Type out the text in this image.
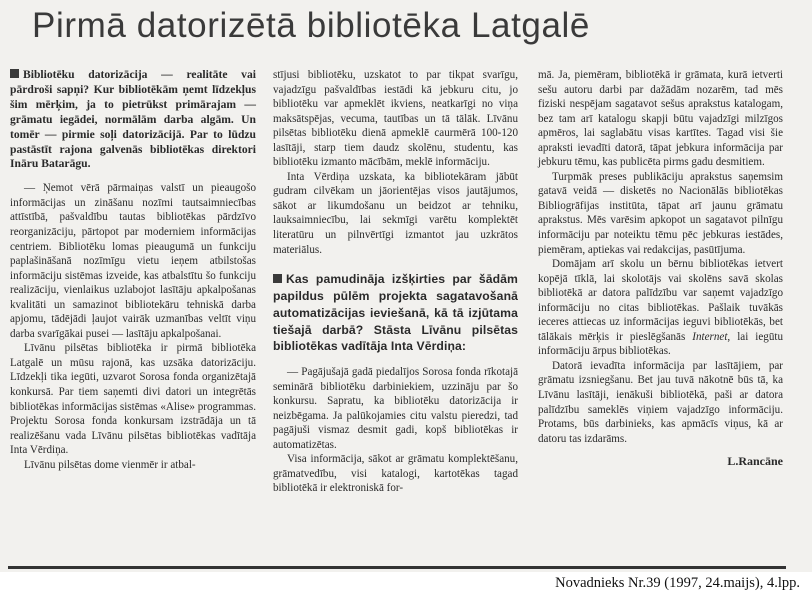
Pirmā datorizētā bibliotēka Latgalē

Bibliotēku datorizācija — realitāte vai pārdroši sapņi? Kur bibliotēkām ņemt līdzekļus šim mērķim, ja to pietrūkst primārajam — grāmatu iegādei, normālām darba algām. Un tomēr — pirmie soļi datorizācijā. Par to lūdzu pastāstīt rajona galvenās bibliotēkas direktori Ināru Batarāgu.

— Ņemot vērā pārmaiņas valstī un pieaugošo informācijas un zināšanu nozīmi tautsaimniecības attīstībā, pašvaldību tautas bibliotēkas pārdzīvo reorganizāciju, pārtopot par moderniem informācijas centriem. Bibliotēku lomas pieaugumā un funkciju paplašināšanā nozīmīgu vietu ieņem atbilstošas informāciju sistēmas izveide, kas atbalstītu šo funkciju realizāciju, vienlaikus uzlabojot lasītāju apkalpošanas kvalitāti un samazinot bibliotekāru tehniskā darba apjomu, tādējādi ļaujot vairāk uzmanības veltīt viņu darba svarīgākai pusei — lasītāju apkalpošanai.

Līvānu pilsētas bibliotēka ir pirmā bibliotēka Latgalē un mūsu rajonā, kas uzsāka datorizāciju. Līdzekļi tika iegūti, uzvarot Sorosa fonda organizētajā konkursā. Par tiem saņemti divi datori un integrētās bibliotēkas informācijas sistēmas «Alise» programmas. Projektu Sorosa fonda konkursam izstrādāja un tā realizēšanu vada Līvānu pilsētas bibliotēkas vadītāja Inta Vērdiņa.

Līvānu pilsētas dome vienmēr ir atbal-

stījusi bibliotēku, uzskatot to par tikpat svarīgu, vajadzīgu pašvaldības iestādi kā jebkuru citu, jo bibliotēku var apmeklēt ikviens, neatkarīgi no viņa maksātspējas, vecuma, tautības un tā tālāk. Līvānu pilsētas bibliotēku dienā apmeklē caurmērā 100-120 lasītāji, starp tiem daudz skolēnu, studentu, kas bibliotēku izmanto mācībām, meklē informāciju.

Inta Vērdiņa uzskata, ka bibliotekāram jābūt gudram cilvēkam un jāorientējas visos jautājumos, sākot ar likumdošanu un beidzot ar tehniku, lauksaimniecību, lai sekmīgi varētu komplektēt literatūru un pilnvērtīgi izmantot jau uzkrātos materiālus.

Kas pamudināja izšķirties par šādām papildus pūlēm projekta sagatavošanā automatizācijas ieviešanā, kā tā izjūtama tiešajā darbā? Stāsta Līvānu pilsētas bibliotēkas vadītāja Inta Vērdiņa:

— Pagājušajā gadā piedalījos Sorosa fonda rīkotajā seminārā bibliotēku darbiniekiem, uzzināju par šo konkursu. Sapratu, ka bibliotēku datorizācija ir neizbēgama. Ja palūkojamies citu valstu pieredzi, tad pagājuši vismaz desmit gadi, kopš bibliotēkas ir automatizētas.

Visa informācija, sākot ar grāmatu komplektēšanu, grāmatvedību, visi katalogi, kartotēkas tagad bibliotēkā ir elektroniskā for-

mā. Ja, piemēram, bibliotēkā ir grāmata, kurā ietverti sešu autoru darbi par dažādām nozarēm, tad mēs fiziski nespējam sagatavot sešus aprakstus katalogam, bez tam arī katalogu skapji būtu vajadzīgi milzīgos apmēros, lai saglabātu visas kartītes. Tagad visi šie apraksti ievadīti datorā, tāpat jebkura informācija par jebkuru tēmu, kas publicēta pirms gadu desmitiem.

Turpmāk preses publikāciju aprakstus saņemsim gatavā veidā — disketēs no Nacionālās bibliotēkas Bibliogrāfijas institūta, tāpat arī jaunu grāmatu aprakstus. Mēs varēsim apkopot un sagatavot pilnīgu informāciju par noteiktu tēmu pēc jebkuras iestādes, piemēram, aptiekas vai redakcijas, pasūtījuma.

Domājam arī skolu un bērnu bibliotēkas ietvert kopējā tīklā, lai skolotājs vai skolēns savā skolas bibliotēkā ar datora palīdzību var saņemt vajadzīgo informāciju no citas bibliotēkas. Pašlaik tuvākās ieceres attiecas uz informācijas ieguvi bibliotēkās, bet tālākais mērķis ir pieslēgšanās Internet, lai iegūtu informāciju ārpus bibliotēkas.

Datorā ievadīta informācija par lasītājiem, par grāmatu izsniegšanu. Bet jau tuvā nākotnē būs tā, ka Līvānu lasītāji, ienākuši bibliotēkā, paši ar datora palīdzību sameklēs viņiem vajadzīgo informāciju. Protams, būs darbinieks, kas apmācīs viņus, kā ar datoru tas izdarāms.

L.Rancāne

Novadnieks Nr.39 (1997, 24.maijs), 4.lpp.
